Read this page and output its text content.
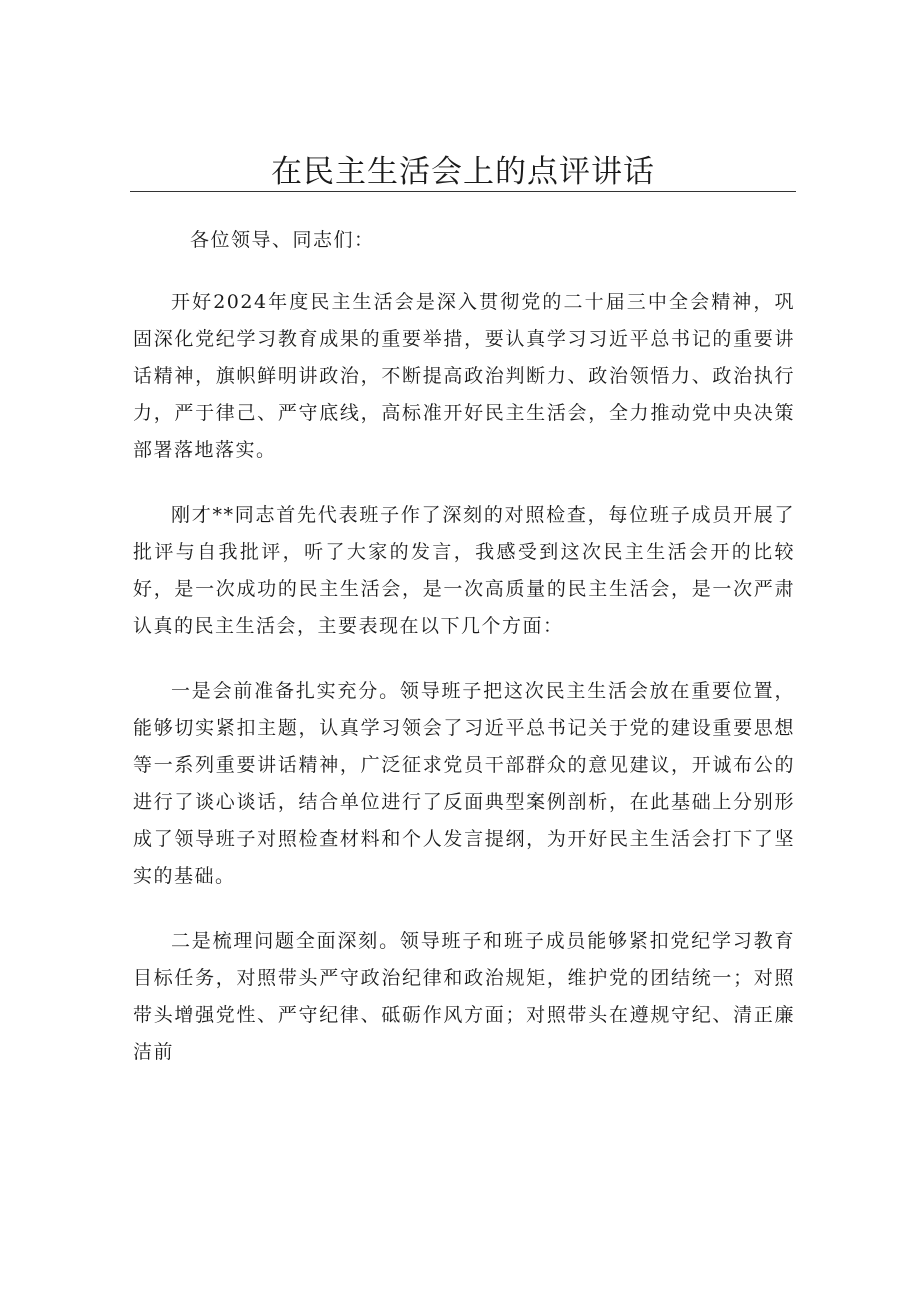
在民主生活会上的点评讲话

各位领导、同志们：

开好2024年度民主生活会是深入贯彻党的二十届三中全会精神，巩固深化党纪学习教育成果的重要举措，要认真学习习近平总书记的重要讲话精神，旗帜鲜明讲政治，不断提高政治判断力、政治领悟力、政治执行力，严于律己、严守底线，高标准开好民主生活会，全力推动党中央决策部署落地落实。

刚才**同志首先代表班子作了深刻的对照检查，每位班子成员开展了批评与自我批评，听了大家的发言，我感受到这次民主生活会开的比较好，是一次成功的民主生活会，是一次高质量的民主生活会，是一次严肃认真的民主生活会，主要表现在以下几个方面：

一是会前准备扎实充分。领导班子把这次民主生活会放在重要位置，能够切实紧扣主题，认真学习领会了习近平总书记关于党的建设重要思想等一系列重要讲话精神，广泛征求党员干部群众的意见建议，开诚布公的进行了谈心谈话，结合单位进行了反面典型案例剖析，在此基础上分别形成了领导班子对照检查材料和个人发言提纲，为开好民主生活会打下了坚实的基础。

二是梳理问题全面深刻。领导班子和班子成员能够紧扣党纪学习教育目标任务，对照带头严守政治纪律和政治规矩，维护党的团结统一；对照带头增强党性、严守纪律、砥砺作风方面；对照带头在遵规守纪、清正廉洁前
